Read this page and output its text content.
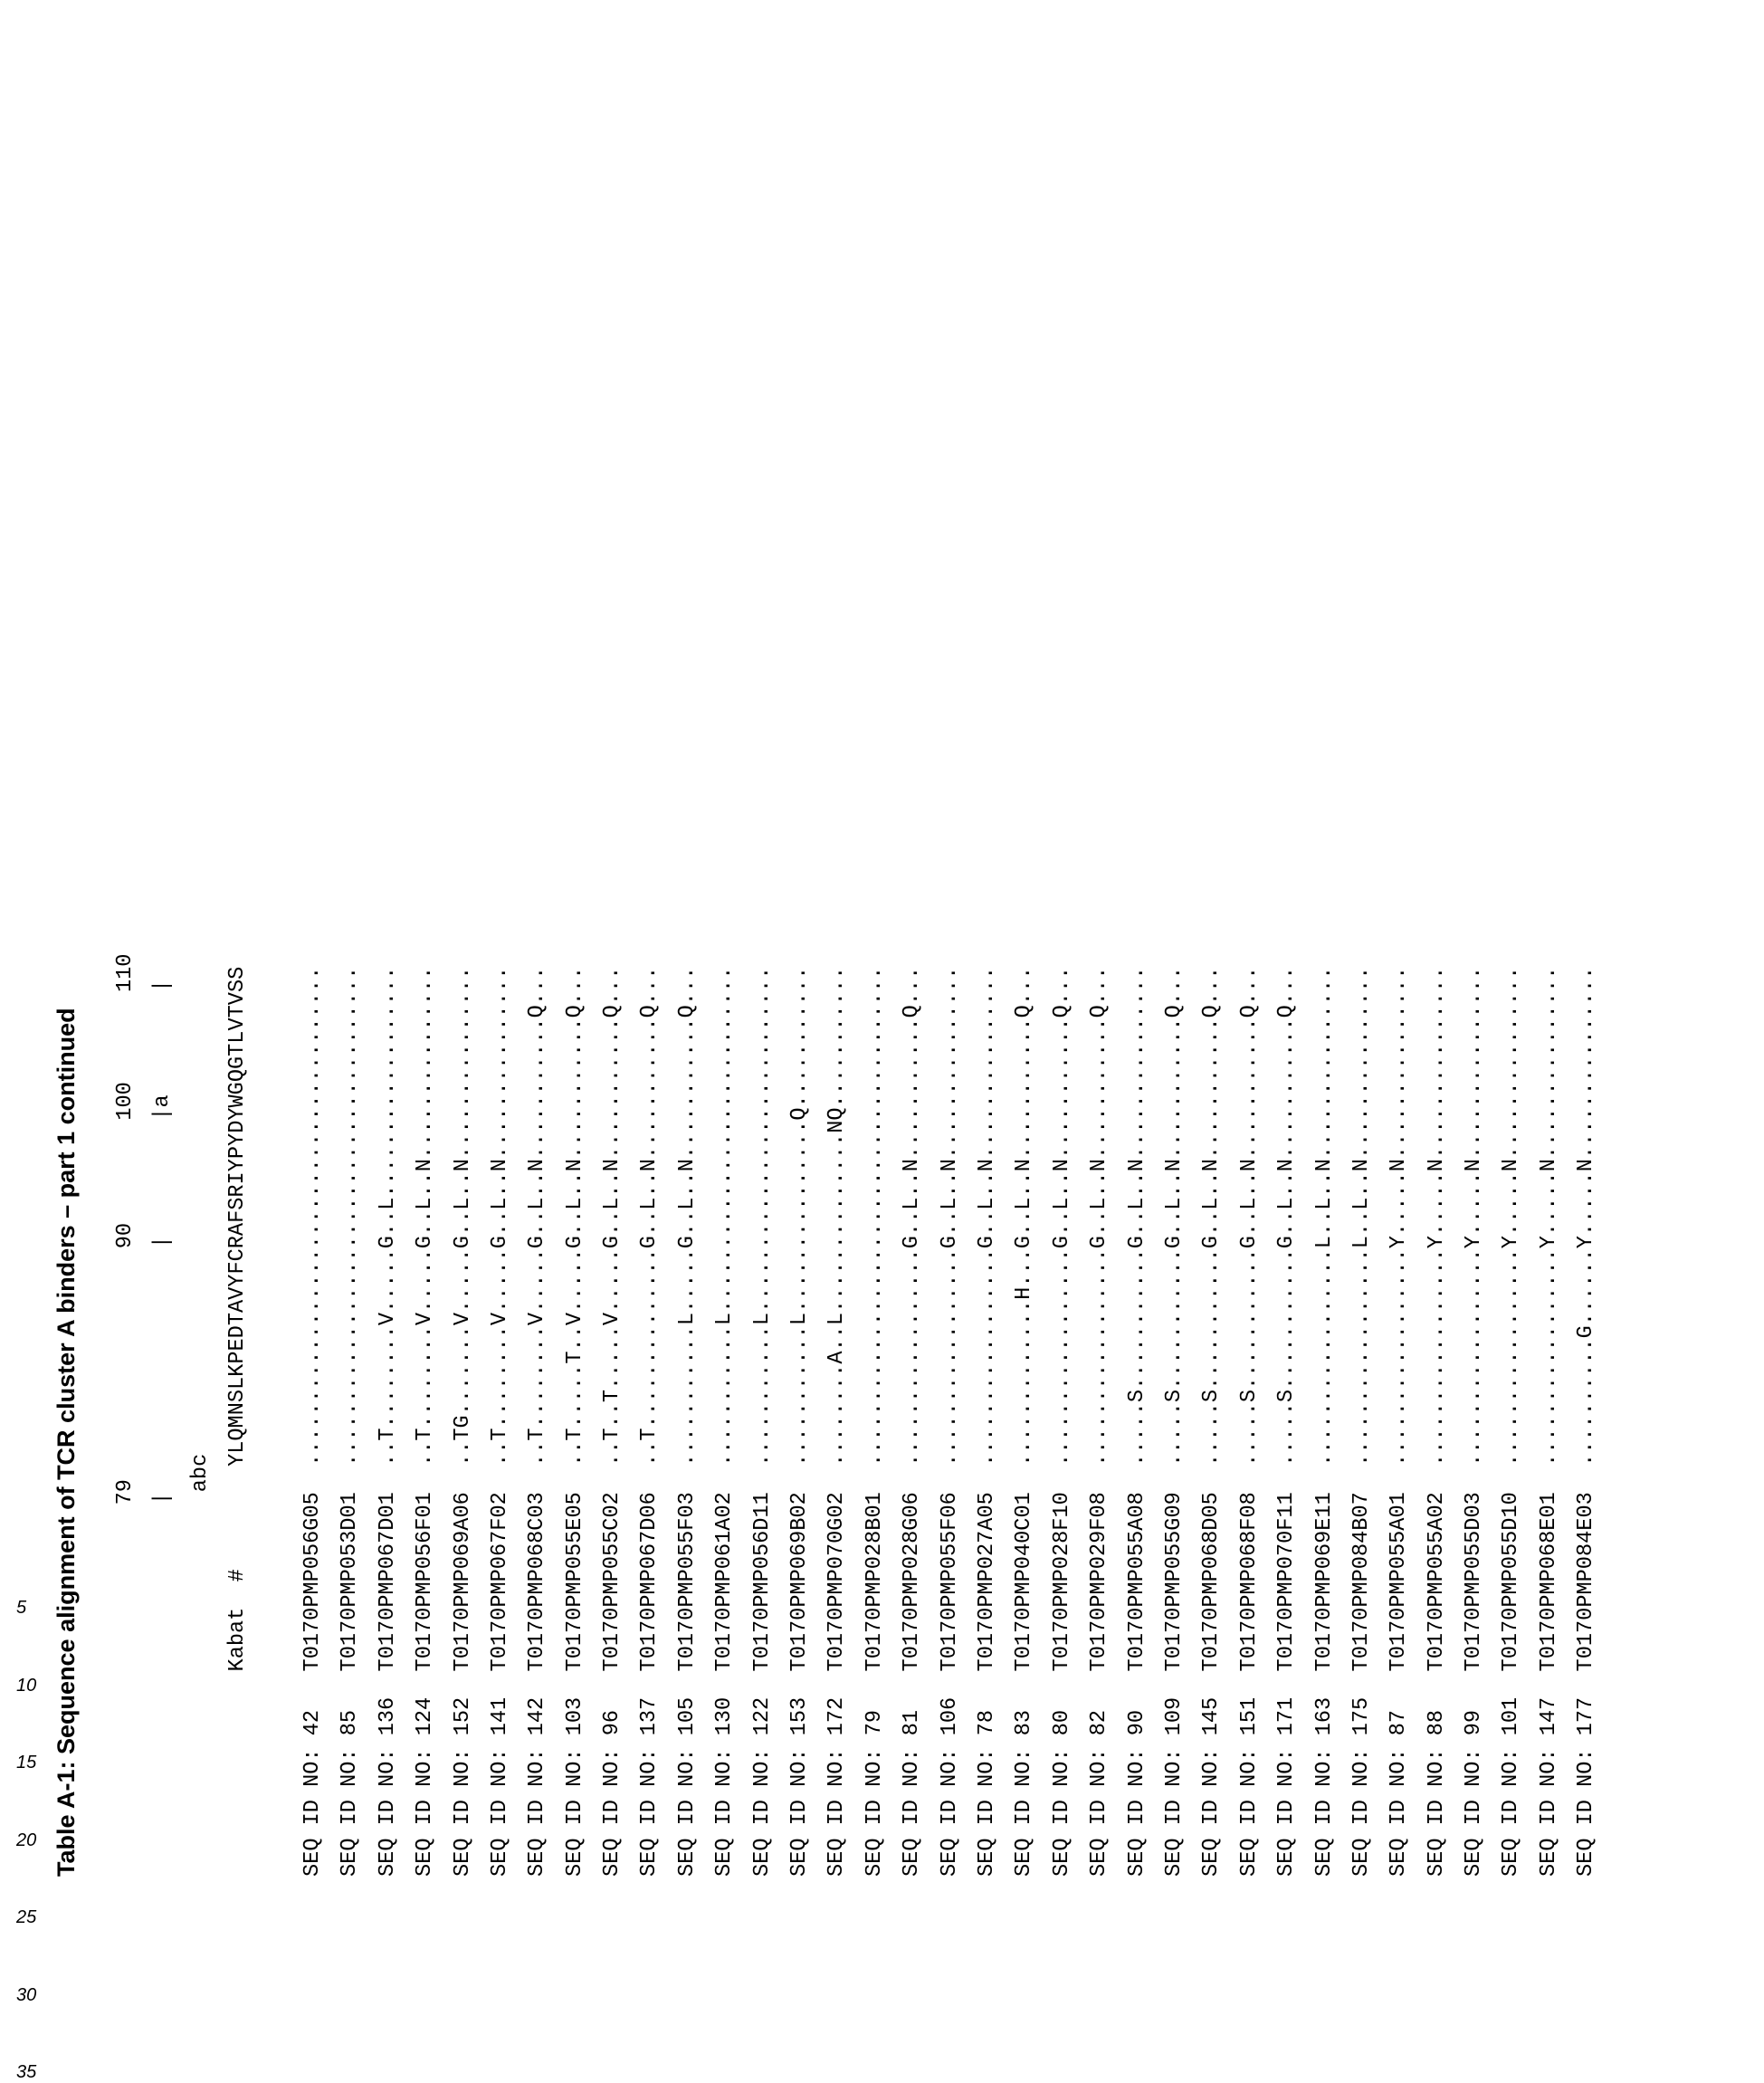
Table A-1: Sequence alignment of TCR cluster A binders – part 1 continued 79                  90        100       110 |                   |         |a        | abc Kabat  #        YLQMNSLKPEDTAVYFCRAFSRIYPYDYWGQGTLVTVSS	SEQ ID NO: 42   T0170PMP056G05  ....................................... SEQ ID NO: 85   T0170PMP053D01  ....................................... SEQ ID NO: 136  T0170PMP067D01  ..T........V.....G..L.................. SEQ ID NO: 124  T0170PMP056F01  ..T........V.....G..L..N............... SEQ ID NO: 152  T0170PMP069A06  ..TG.......V.....G..L..N............... SEQ ID NO: 141  T0170PMP067F02  ..T........V.....G..L..N............... SEQ ID NO: 142  T0170PMP068C03  ..T........V.....G..L..N...........Q... SEQ ID NO: 103  T0170PMP055E05  ..T.....T..V.....G..L..N...........Q... SEQ ID NO: 96   T0170PMP055C02  ..T..T.....V.....G..L..N...........Q... SEQ ID NO: 137  T0170PMP067D06  ..T..............G..L..N...........Q... SEQ ID NO: 105  T0170PMP055F03  ...........L.....G..L..N...........Q... SEQ ID NO: 130  T0170PMP061A02  ...........L........................... SEQ ID NO: 122  T0170PMP056D11  ...........L........................... SEQ ID NO: 153  T0170PMP069B02  ...........L...............Q........... SEQ ID NO: 172  T0170PMP070G02  ........A..L..............NQ........... SEQ ID NO: 79   T0170PMP028B01  ....................................... SEQ ID NO: 81   T0170PMP028G06  .................G..L..N...........Q... SEQ ID NO: 106  T0170PMP055F06  .................G..L..N............... SEQ ID NO: 78   T0170PMP027A05  .................G..L..N............... SEQ ID NO: 83   T0170PMP040C01  .............H...G..L..N...........Q... SEQ ID NO: 80   T0170PMP028F10  .................G..L..N...........Q... SEQ ID NO: 82   T0170PMP029F08  .................G..L..N...........Q... SEQ ID NO: 90   T0170PMP055A08  .....S...........G..L..N............... SEQ ID NO: 109  T0170PMP055G09  .....S...........G..L..N...........Q... SEQ ID NO: 145  T0170PMP068D05  .....S...........G..L..N...........Q... SEQ ID NO: 151  T0170PMP068F08  .....S...........G..L..N...........Q... SEQ ID NO: 171  T0170PMP070F11  .....S...........G..L..N...........Q... SEQ ID NO: 163  T0170PMP069E11  .................L..L..N............... SEQ ID NO: 175  T0170PMP084B07  .................L..L..N............... SEQ ID NO: 87   T0170PMP055A01  .................Y.....N............... SEQ ID NO: 88   T0170PMP055A02  .................Y.....N............... SEQ ID NO: 99   T0170PMP055D03  .................Y.....N............... SEQ ID NO: 101  T0170PMP055D10  .................Y.....N............... SEQ ID NO: 147  T0170PMP068E01  .................Y.....N............... SEQ ID NO: 177  T0170PMP084E03  ..........G......Y.....N...............
5
10
15
20
25
30
35
